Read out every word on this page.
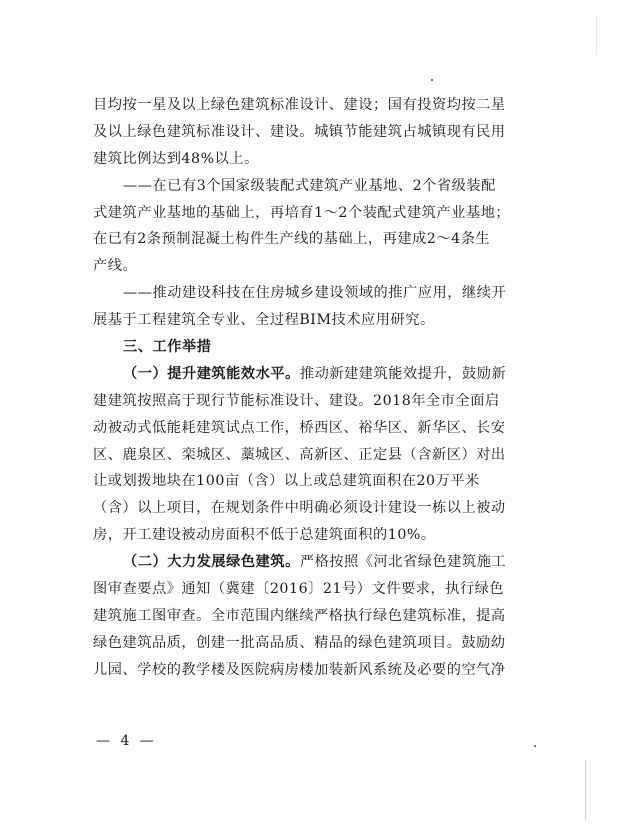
目均按一星及以上绿色建筑标准设计、建设；国有投资均按二星
及以上绿色建筑标准设计、建设。城镇节能建筑占城镇现有民用
建筑比例达到48%以上。
——在已有3个国家级装配式建筑产业基地、2个省级装配
式建筑产业基地的基础上，再培育1～2个装配式建筑产业基地；
在已有2条预制混凝土构件生产线的基础上，再建成2～4条生
产线。
——推动建设科技在住房城乡建设领域的推广应用，继续开
展基于工程建筑全专业、全过程BIM技术应用研究。
三、工作举措
（一）提升建筑能效水平。推动新建建筑能效提升，鼓励新
建建筑按照高于现行节能标准设计、建设。2018年全市全面启
动被动式低能耗建筑试点工作，桥西区、裕华区、新华区、长安
区、鹿泉区、栾城区、藁城区、高新区、正定县（含新区）对出
让或划拨地块在100亩（含）以上或总建筑面积在20万平米
（含）以上项目，在规划条件中明确必须设计建设一栋以上被动
房，开工建设被动房面积不低于总建筑面积的10%。
（二）大力发展绿色建筑。严格按照《河北省绿色建筑施工
图审查要点》通知（冀建〔2016〕21号）文件要求，执行绿色
建筑施工图审查。全市范围内继续严格执行绿色建筑标准，提高
绿色建筑品质，创建一批高品质、精品的绿色建筑项目。鼓励幼
儿园、学校的教学楼及医院病房楼加装新风系统及必要的空气净
— 4 —
